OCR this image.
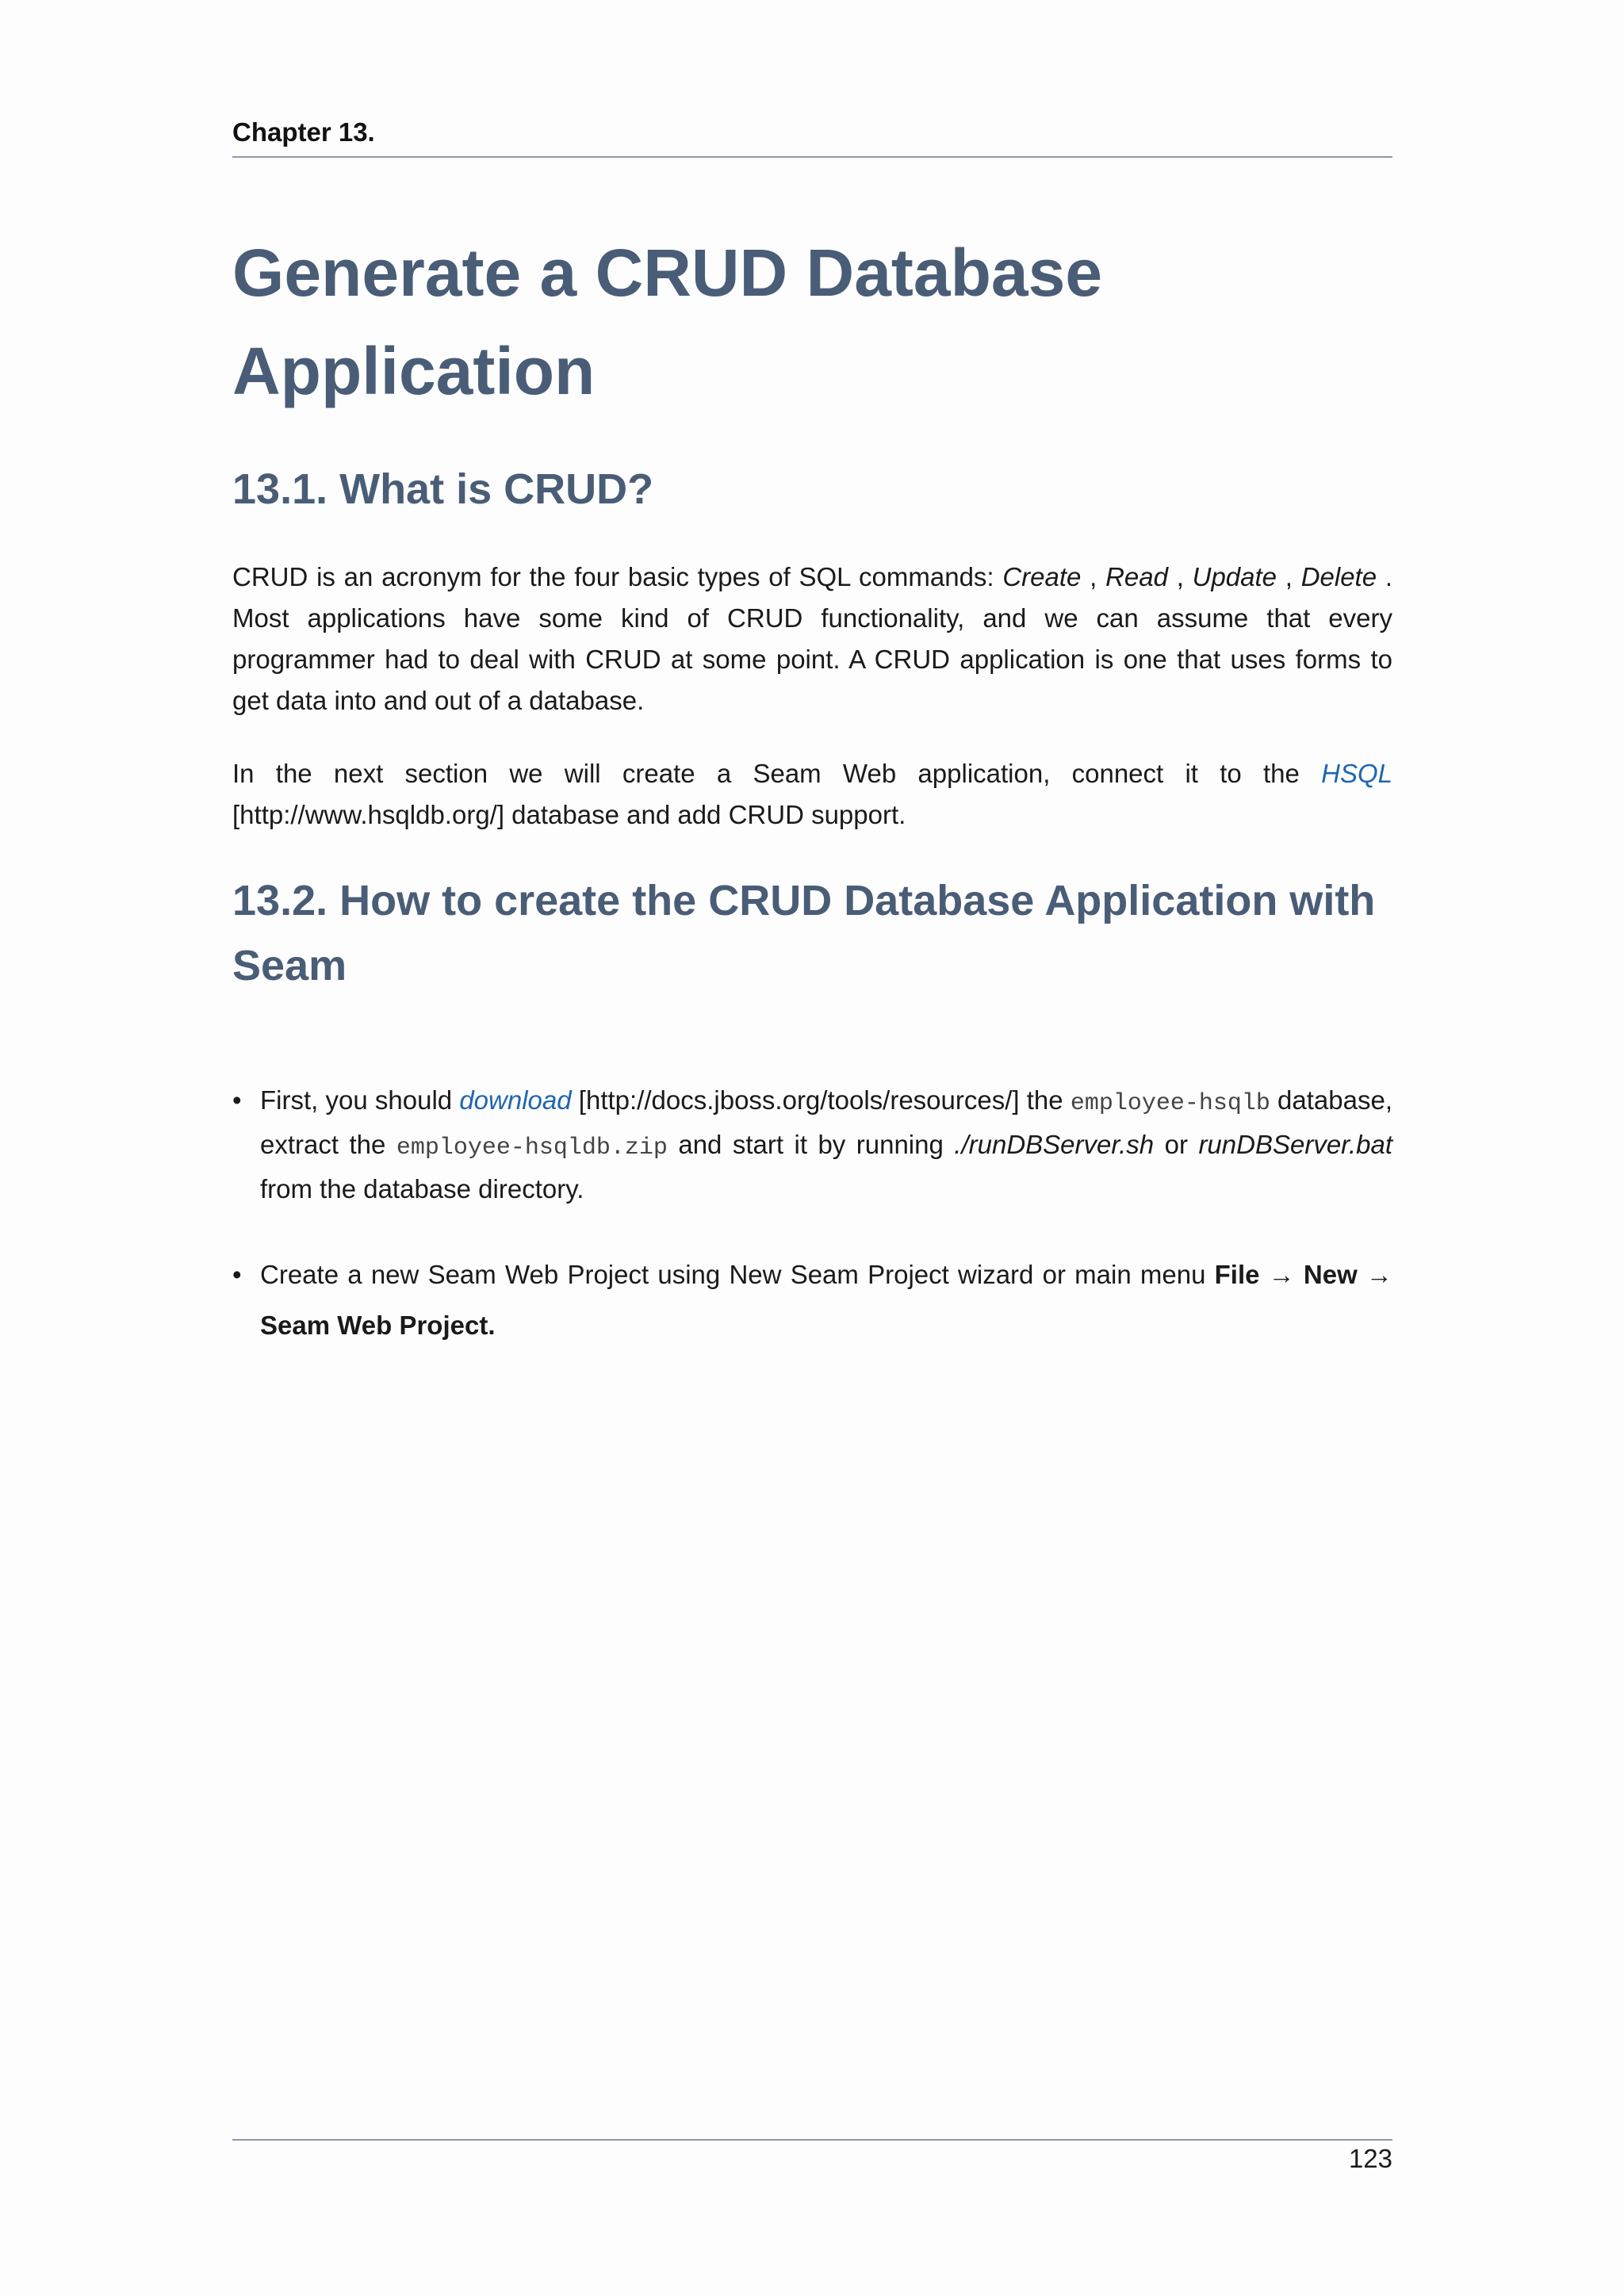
Chapter 13.
Generate a CRUD Database Application
13.1. What is CRUD?

CRUD is an acronym for the four basic types of SQL commands: Create , Read , Update , Delete . Most applications have some kind of CRUD functionality, and we can assume that every programmer had to deal with CRUD at some point. A CRUD application is one that uses forms to get data into and out of a database.

In the next section we will create a Seam Web application, connect it to the HSQL [http://www.hsqldb.org/] database and add CRUD support.

13.2. How to create the CRUD Database Application with Seam
• First, you should download [http://docs.jboss.org/tools/resources/] the employee-hsqlb database, extract the employee-hsqldb.zip and start it by running ./runDBServer.sh or runDBServer.bat from the database directory.
• Create a new Seam Web Project using New Seam Project wizard or main menu File → New → Seam Web Project.
123
